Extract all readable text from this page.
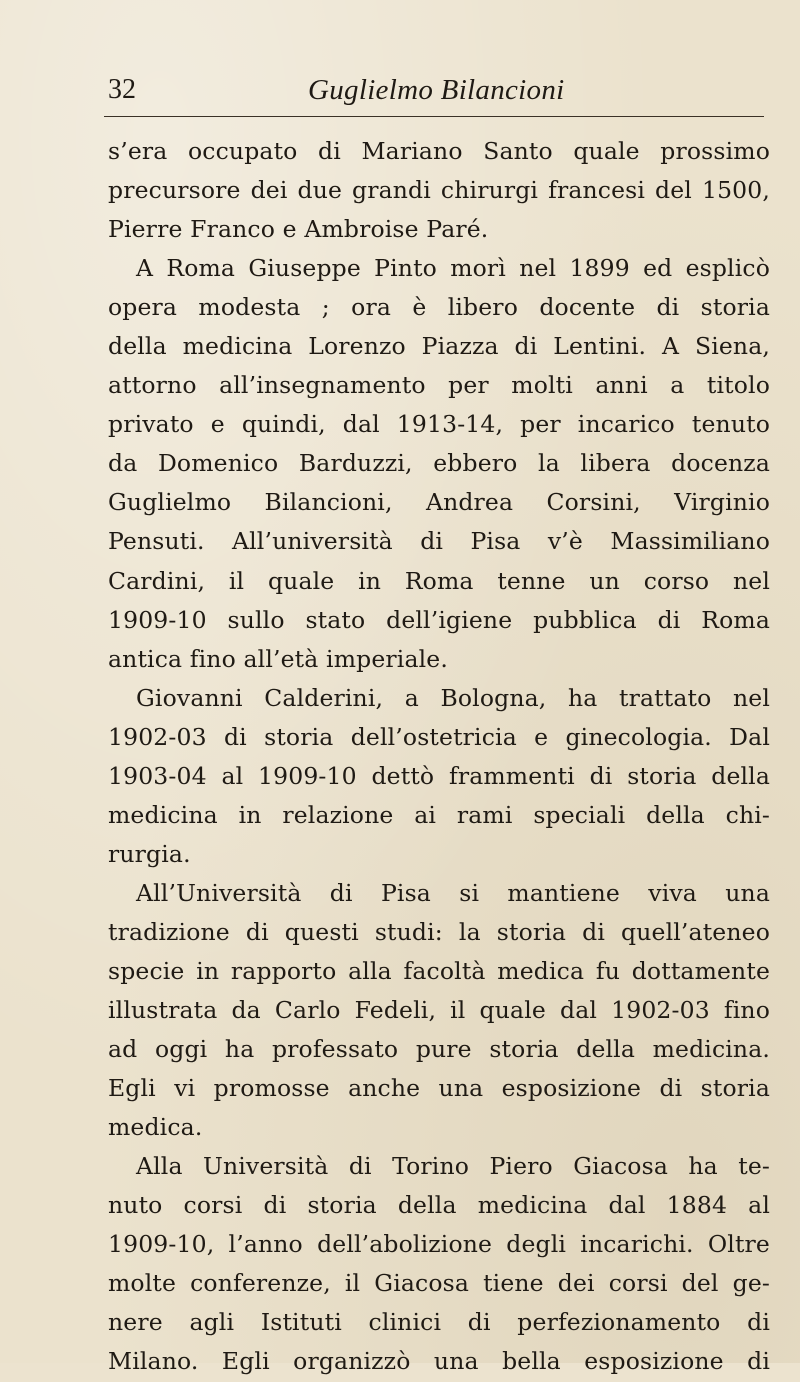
32	Guglielmo Bilancioni
s’era occupato di Mariano Santo quale prossimo
precursore dei due grandi chirurgi francesi del 1500,
Pierre Franco e Ambroise Paré.
A Roma Giuseppe Pinto morì nel 1899 ed esplicò
opera modesta ; ora è libero docente di storia
della medicina Lorenzo Piazza di Lentini. A Siena,
attorno all’insegnamento per molti anni a titolo
privato e quindi, dal 1913-14, per incarico tenuto
da Domenico Barduzzi, ebbero la libera docenza
Guglielmo Bilancioni, Andrea Corsini, Virginio
Pensuti. All’università di Pisa v’è Massimiliano
Cardini, il quale in Roma tenne un corso nel
1909-10 sullo stato dell’igiene pubblica di Roma
antica fino all’età imperiale.
Giovanni Calderini, a Bologna, ha trattato nel
1902-03 di storia dell’ostetricia e ginecologia. Dal
1903-04 al 1909-10 dettò frammenti di storia della
medicina in relazione ai rami speciali della chi-
rurgia.
All’Università di Pisa si mantiene viva una
tradizione di questi studi: la storia di quell’ateneo
specie in rapporto alla facoltà medica fu dottamente
illustrata da Carlo Fedeli, il quale dal 1902-03 fino
ad oggi ha professato pure storia della medicina.
Egli vi promosse anche una esposizione di storia
medica.
Alla Università di Torino Piero Giacosa ha te-
nuto corsi di storia della medicina dal 1884 al
1909-10, l’anno dell’abolizione degli incarichi. Oltre
molte conferenze, il Giacosa tiene dei corsi del ge-
nere agli Istituti clinici di perfezionamento di
Milano. Egli organizzò una bella esposizione di
